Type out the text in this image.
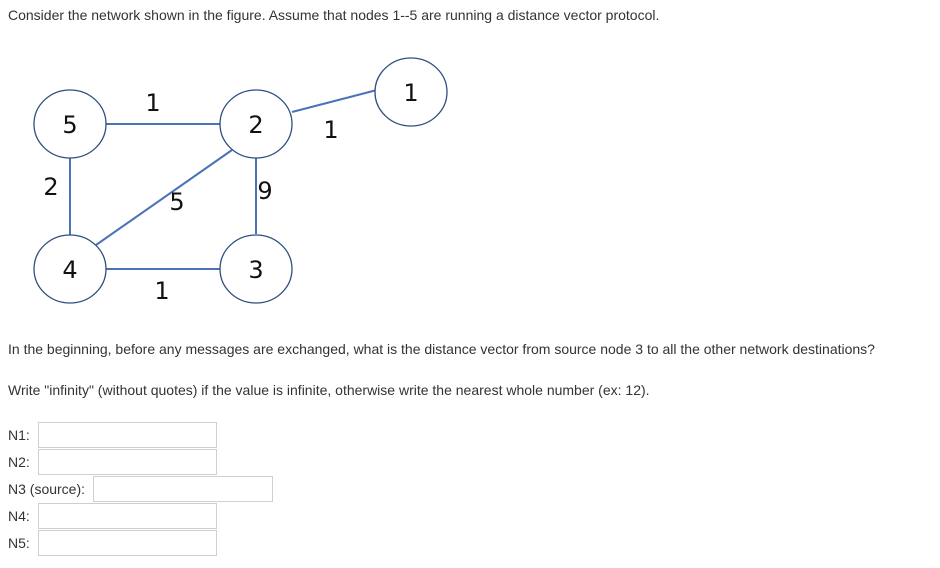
Consider the network shown in the figure. Assume that nodes 1--5 are running a distance vector protocol.

1
1
2
5	9
1
5	2
1
4	3

In the beginning, before any messages are exchanged, what is the distance vector from source node 3 to all the other network destinations?

Write "infinity" (without quotes) if the value is infinite, otherwise write the nearest whole number (ex: 12).

N1:
N2:
N3 (source):
N4:
N5:
